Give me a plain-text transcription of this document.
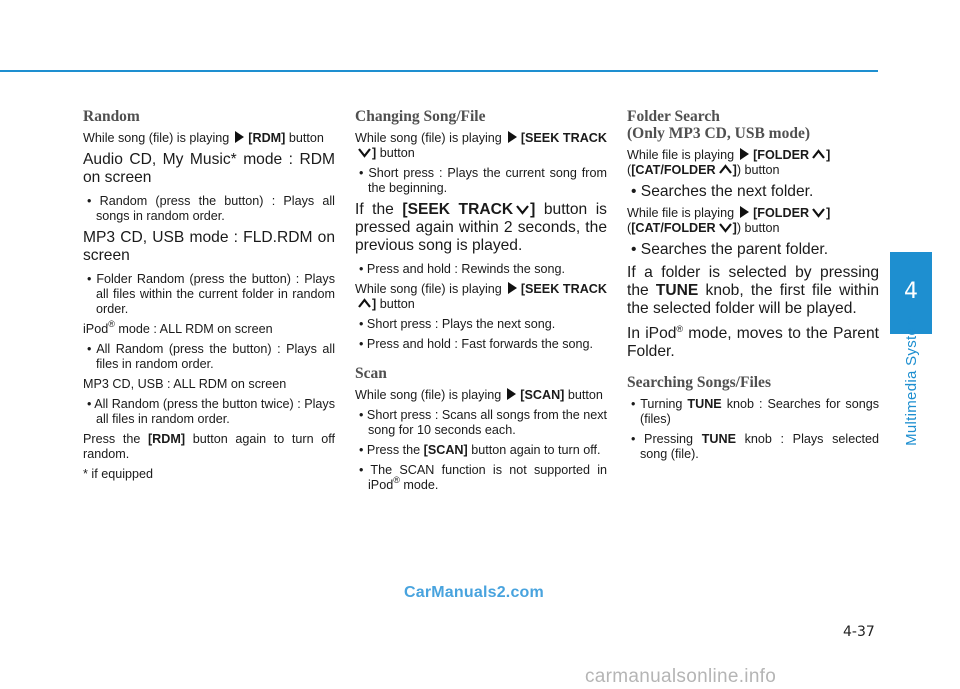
Random

While song (file) is playing [RDM] button

Audio CD, My Music* mode : RDM on screen

• Random (press the button) : Plays all songs in random order.

MP3 CD, USB mode : FLD.RDM on screen

• Folder Random (press the button) : Plays all files within the current folder in random order.

iPod® mode : ALL RDM on screen

• All Random (press the button) : Plays all files in random order.

MP3 CD, USB : ALL RDM on screen

• All Random (press the button twice) : Plays all files in random order.

Press the [RDM] button again to turn off random.

* if equipped

Changing Song/File

While song (file) is playing [SEEK TRACK
] button

• Short press : Plays the current song from the beginning.

If the [SEEK TRACK ] button is pressed again within 2 seconds, the previous song is played.

• Press and hold : Rewinds the song.

While song (file) is playing [SEEK TRACK
] button

• Short press : Plays the next song.
• Press and hold : Fast forwards the song.
Scan

While song (file) is playing [SCAN] button

• Short press : Scans all songs from the next song for 10 seconds each.
• Press the [SCAN] button again to turn off.
• The SCAN function is not supported in iPod® mode.
Folder Search
(Only MP3 CD, USB mode)

While file is playing [FOLDER ]
([CAT/FOLDER ]) button

• Searches the next folder.

While file is playing [FOLDER ]
([CAT/FOLDER ]) button

• Searches the parent folder.

If a folder is selected by pressing the TUNE knob, the first file within the selected folder will be played.

In iPod® mode, moves to the Parent Folder.

Searching Songs/Files
• Turning TUNE knob : Searches for songs (files)
• Pressing TUNE knob : Plays selected song (file).
4
Multimedia System
4-37
CarManuals2.com
carmanualsonline.info
